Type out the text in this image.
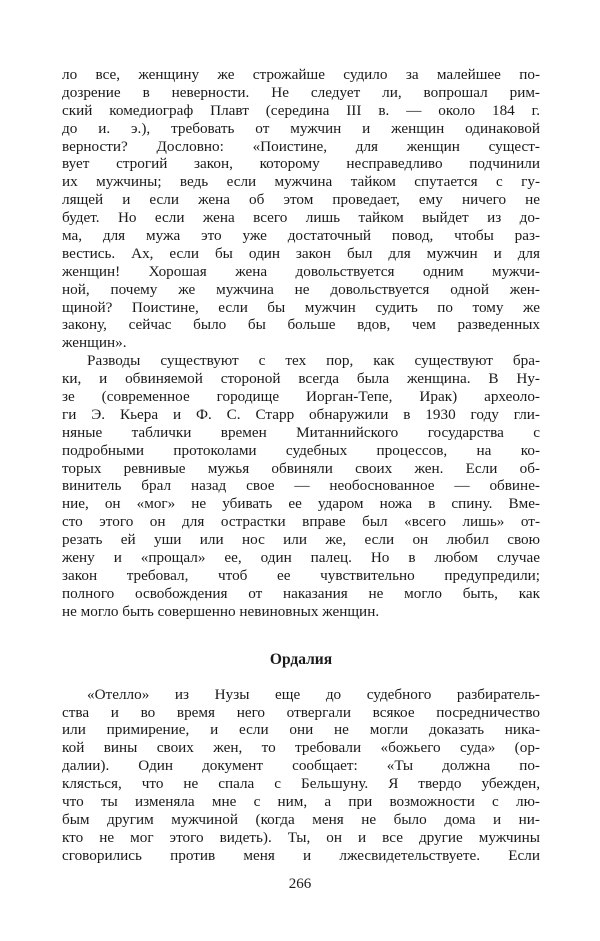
ло все, женщину же строжайше судило за малейшее по-
дозрение в неверности. Не следует ли, вопрошал рим-
ский комедиограф Плавт (середина III в. — около 184 г.
до и. э.), требовать от мужчин и женщин одинаковой
верности? Дословно: «Поистине, для женщин сущест-
вует строгий закон, которому несправедливо подчинили
их мужчины; ведь если мужчина тайком спутается с гу-
лящей и если жена об этом проведает, ему ничего не
будет. Но если жена всего лишь тайком выйдет из до-
ма, для мужа это уже достаточный повод, чтобы раз-
вестись. Ах, если бы один закон был для мужчин и для
женщин! Хорошая жена довольствуется одним мужчи-
ной, почему же мужчина не довольствуется одной жен-
щиной? Поистине, если бы мужчин судить по тому же
закону, сейчас было бы больше вдов, чем разведенных
женщин».
Разводы существуют с тех пор, как существуют бра-
ки, и обвиняемой стороной всегда была женщина. В Ну-
зе (современное городище Иорган-Тепе, Ирак) археоло-
ги Э. Кьера и Ф. С. Старр обнаружили в 1930 году гли-
няные таблички времен Митаннийского государства с
подробными протоколами судебных процессов, на ко-
торых ревнивые мужья обвиняли своих жен. Если об-
винитель брал назад свое — необоснованное — обвине-
ние, он «мог» не убивать ее ударом ножа в спину. Вме-
сто этого он для острастки вправе был «всего лишь» от-
резать ей уши или нос или же, если он любил свою
жену и «прощал» ее, один палец. Но в любом случае
закон требовал, чтоб ее чувствительно предупредили;
полного освобождения от наказания не могло быть, как
не могло быть совершенно невиновных женщин.
Ордалия
«Отелло» из Нузы еще до судебного разбиратель-
ства и во время него отвергали всякое посредничество
или примирение, и если они не могли доказать ника-
кой вины своих жен, то требовали «божьего суда» (ор-
далии). Один документ сообщает: «Ты должна по-
клясться, что не спала с Бельшуну. Я твердо убежден,
что ты изменяла мне с ним, а при возможности с лю-
бым другим мужчиной (когда меня не было дома и ни-
кто не мог этого видеть). Ты, он и все другие мужчины
сговорились против меня и лжесвидетельствуете. Если
266
